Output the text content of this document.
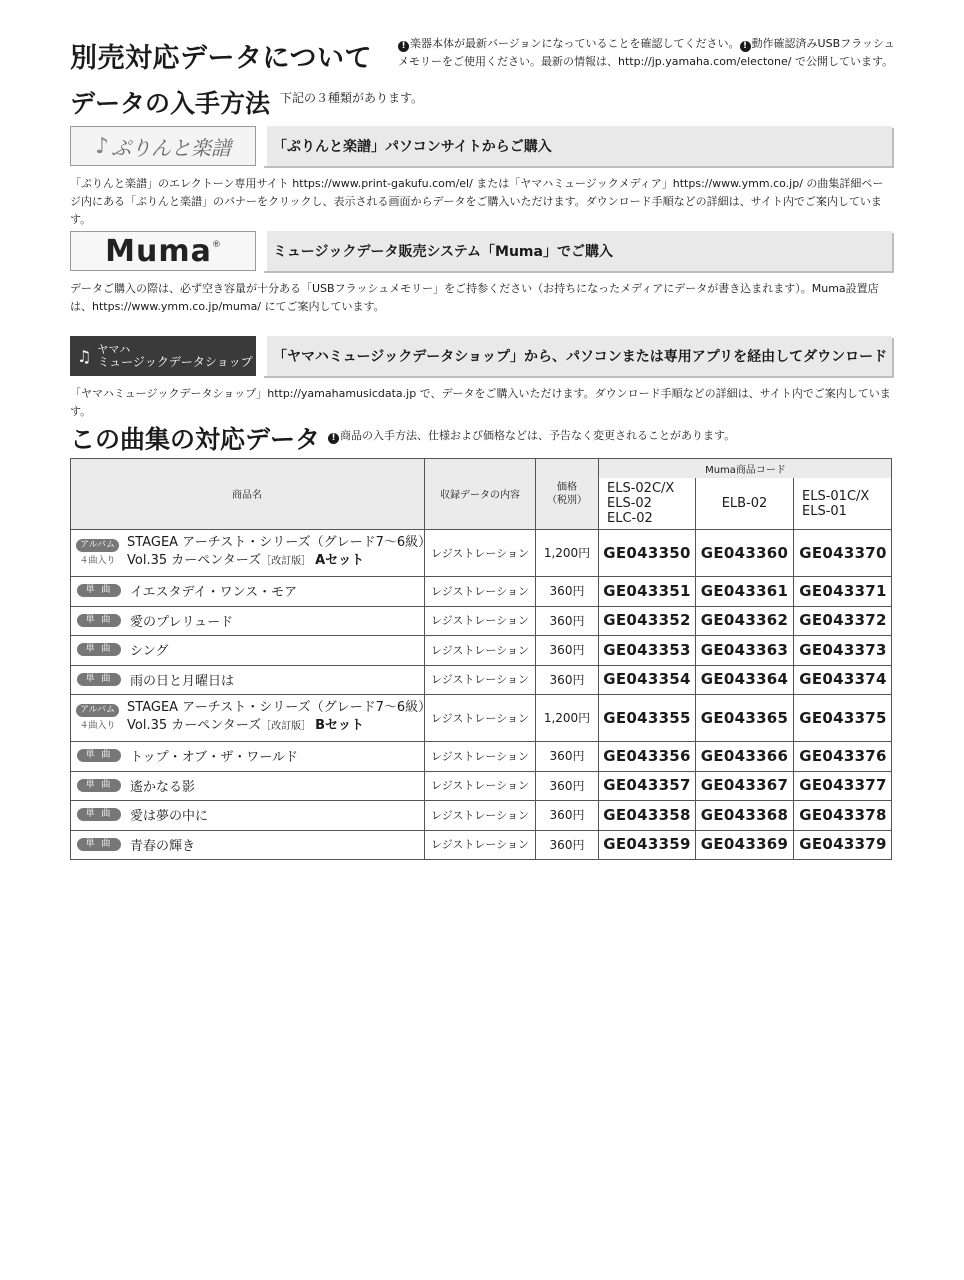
別売対応データについて	! 楽器本体が最新バージョンになっていることを確認してください。 ! 動作確認済みUSBフラッシュメモリーをご使用ください。最新の情報は、http://jp.yamaha.com/electone/ で公開しています。
データの入手方法 下記の３種類があります。
♪ ぷりんと楽譜	「ぷりんと楽譜」パソコンサイトからご購入
「ぷりんと楽譜」のエレクトーン専用サイト https://www.print-gakufu.com/el/ または「ヤマハミュージックメディア」https://www.ymm.co.jp/ の曲集詳細ページ内にある「ぷりんと楽譜」のバナーをクリックし、表示される画面からデータをご購入いただけます。ダウンロード手順などの詳細は、サイト内でご案内しています。
Muma ®	ミュージックデータ販売システム「Muma」でご購入
データご購入の際は、必ず空き容量が十分ある「USBフラッシュメモリー」をご持参ください（お持ちになったメディアにデータが書き込まれます）。Muma設置店は、https://www.ymm.co.jp/muma/ にてご案内しています。
♫ ヤマハ
ミュージックデータショップ	「ヤマハミュージックデータショップ」から、パソコンまたは専用アプリを経由してダウンロード
「ヤマハミュージックデータショップ」http://yamahamusicdata.jp で、データをご購入いただけます。ダウンロード手順などの詳細は、サイト内でご案内しています。
この曲集の対応データ	! 商品の入手方法、仕様および価格などは、予告なく変更されることがあります。
商品名	収録データの内容
価格
（税別）
Muma商品コード
ELS-02C/X
ELS-02
ELC-02
ELB-02	ELS-01C/X
ELS-01
アルバム
４曲入り
STAGEA アーチスト・シリーズ（グレード7～6級）
Vol.35 カーペンターズ［改訂版］ Aセット	レジストレーション	1,200円 GE043350 GE043360 GE043370
単 曲	イエスタデイ・ワンス・モア	レジストレーション	360円	GE043351 GE043361 GE043371
単 曲	愛のプレリュード	レジストレーション	360円	GE043352 GE043362 GE043372
単 曲	シング	レジストレーション	360円	GE043353 GE043363 GE043373
単 曲	雨の日と月曜日は	レジストレーション	360円	GE043354 GE043364 GE043374
アルバム
４曲入り
STAGEA アーチスト・シリーズ（グレード7～6級）
Vol.35 カーペンターズ［改訂版］ Bセット	レジストレーション	1,200円 GE043355 GE043365 GE043375
単 曲	トップ・オブ・ザ・ワールド	レジストレーション	360円	GE043356 GE043366 GE043376
単 曲	遙かなる影	レジストレーション	360円	GE043357 GE043367 GE043377
単 曲	愛は夢の中に	レジストレーション	360円	GE043358 GE043368 GE043378
単 曲	青春の輝き	レジストレーション	360円	GE043359 GE043369 GE043379
